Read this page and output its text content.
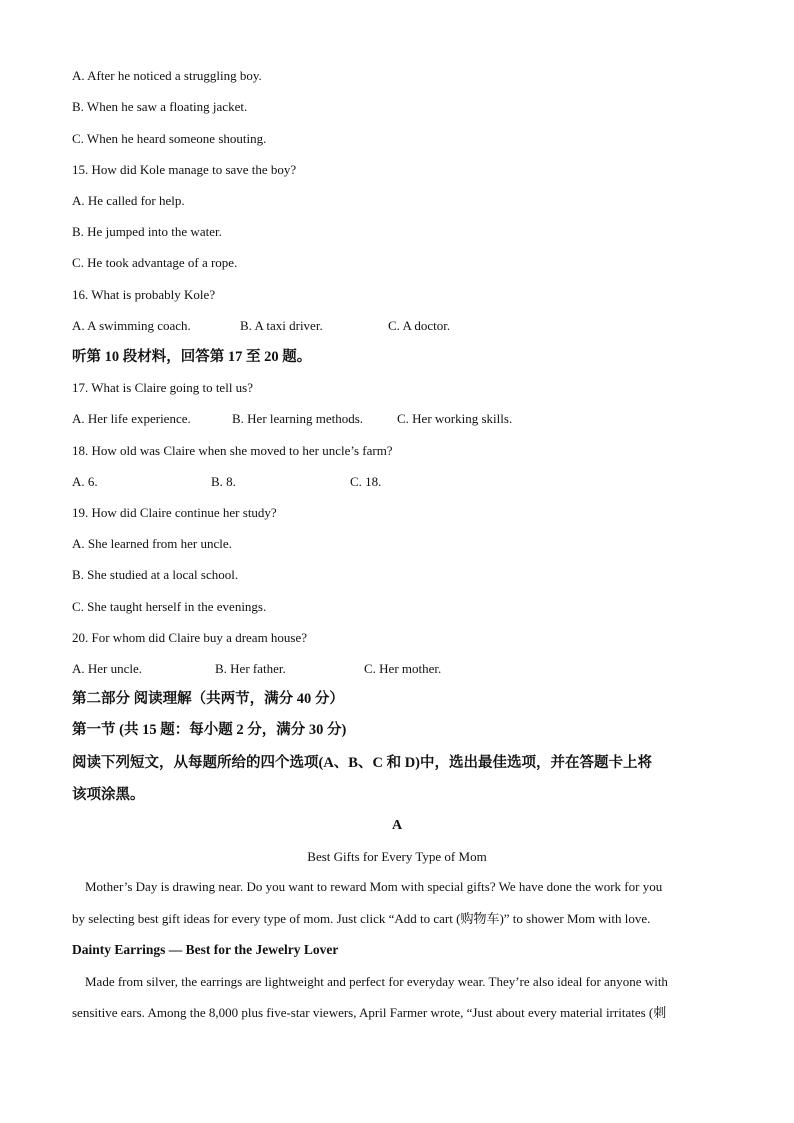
A. After he noticed a struggling boy.
B. When he saw a floating jacket.
C. When he heard someone shouting.
15. How did Kole manage to save the boy?
A. He called for help.
B. He jumped into the water.
C. He took advantage of a rope.
16. What is probably Kole?
A. A swimming coach.	B. A taxi driver.	C. A doctor.
听第 10 段材料，回答第 17 至 20 题。
17. What is Claire going to tell us?
A. Her life experience.	B. Her learning methods.	C. Her working skills.
18. How old was Claire when she moved to her uncle’s farm?
A. 6.	B. 8.	C. 18.
19. How did Claire continue her study?
A. She learned from her uncle.
B. She studied at a local school.
C. She taught herself in the evenings.
20. For whom did Claire buy a dream house?
A. Her uncle.	B. Her father.	C. Her mother.
第二部分 阅读理解（共两节，满分 40 分）
第一节 (共 15 题：每小题 2 分，满分 30 分)
阅读下列短文，从每题所给的四个选项(A、B、C 和 D)中，选出最佳选项，并在答题卡上将
该项涂黑。
A
Best Gifts for Every Type of Mom
Mother’s Day is drawing near. Do you want to reward Mom with special gifts? We have done the work for you
by selecting best gift ideas for every type of mom. Just click “Add to cart (购物车)” to shower Mom with love.
Dainty Earrings — Best for the Jewelry Lover
Made from silver, the earrings are lightweight and perfect for everyday wear. They’re also ideal for anyone with
sensitive ears. Among the 8,000 plus five-star viewers, April Farmer wrote, “Just about every material irritates (刺
